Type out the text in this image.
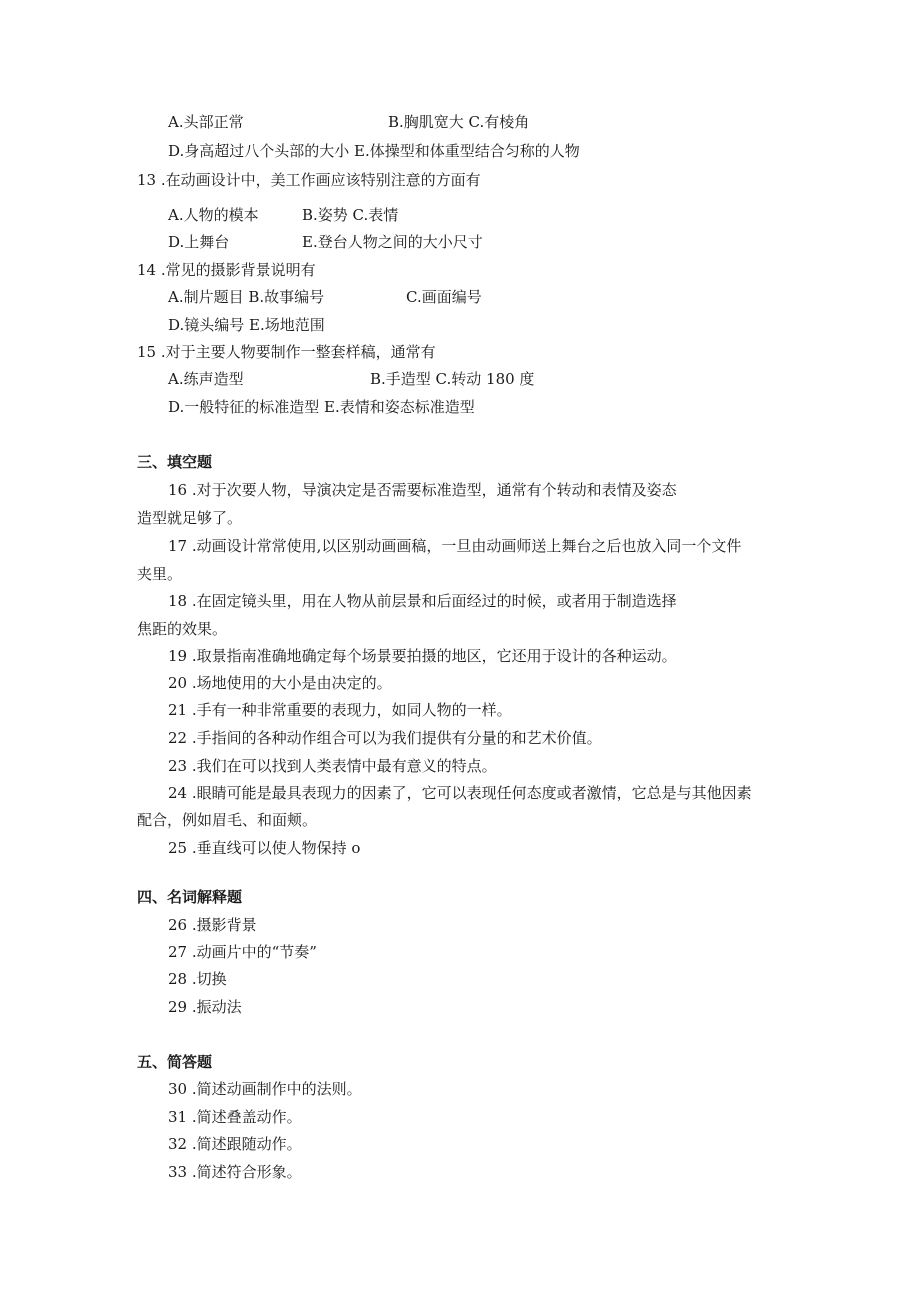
A.头部正常	B.胸肌宽大 C.有棱角
D.身高超过八个头部的大小 E.体操型和体重型结合匀称的人物
13 .在动画设计中，美工作画应该特别注意的方面有
A.人物的模本	B.姿势 C.表情
D.上舞台	E.登台人物之间的大小尺寸
14 .常见的摄影背景说明有
A.制片题目 B.故事编号	C.画面编号
D.镜头编号 E.场地范围
15 .对于主要人物要制作一整套样稿，通常有
A.练声造型	B.手造型 C.转动 180 度
D.一般特征的标准造型 E.表情和姿态标准造型
三、填空题
16 .对于次要人物，导演决定是否需要标准造型，通常有个转动和表情及姿态
造型就足够了。
17 .动画设计常常使用,以区别动画画稿，一旦由动画师送上舞台之后也放入同一个文件
夹里。
18 .在固定镜头里，用在人物从前层景和后面经过的时候，或者用于制造选择
焦距的效果。
19 .取景指南准确地确定每个场景要拍摄的地区，它还用于设计的各种运动。
20 .场地使用的大小是由决定的。
21 .手有一种非常重要的表现力，如同人物的一样。
22 .手指间的各种动作组合可以为我们提供有分量的和艺术价值。
23 .我们在可以找到人类表情中最有意义的特点。
24 .眼睛可能是最具表现力的因素了，它可以表现任何态度或者激情，它总是与其他因素
配合，例如眉毛、和面颊。
25 .垂直线可以使人物保持 o
四、名词解释题
26 .摄影背景
27 .动画片中的“节奏”
28 .切换
29 .振动法
五、简答题
30 .简述动画制作中的法则。
31 .简述叠盖动作。
32 .简述跟随动作。
33 .简述符合形象。
